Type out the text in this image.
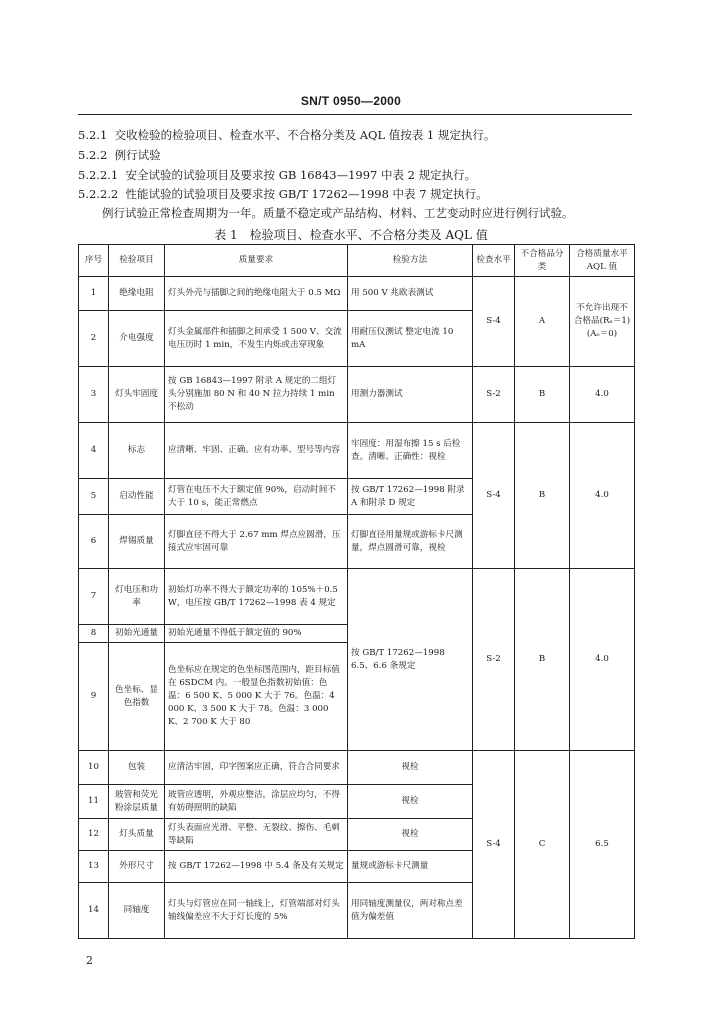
SN/T 0950—2000
5.2.1 交收检验的检验项目、检查水平、不合格分类及 AQL 值按表 1 规定执行。
5.2.2 例行试验
5.2.2.1 安全试验的试验项目及要求按 GB 16843—1997 中表 2 规定执行。
5.2.2.2 性能试验的试验项目及要求按 GB/T 17262—1998 中表 7 规定执行。
例行试验正常检查周期为一年。质量不稳定或产品结构、材料、工艺变动时应进行例行试验。
表 1　检验项目、检查水平、不合格分类及 AQL 值
序号	检验项目	质量要求	检验方法	检查水平	不合格品分类	合格质量水平 AQL 值
1	绝缘电阻	灯头外壳与插脚之间的绝缘电阻大于 0.5 MΩ	用 500 V 兆欧表测试	S-4	A	不允许出现不合格品(Rₑ＝1)(Aₒ＝0)
2	介电强度	灯头金属部件和插脚之间承受 1 500 V、交流电压历时 1 min，不发生内烁或击穿现象	用耐压仪测试 整定电流 10 mA			
3	灯头牢固度	按 GB 16843—1997 附录 A 规定的二组灯头分别施加 80 N 和 40 N 拉力持续 1 min 不松动	用测力器测试	S-2	B	4.0
4	标志	应清晰、牢固、正确。应有功率、型号等内容	牢固度：用湿布擦 15 s 后检查。清晰、正确性：视检	S-4	B	4.0
5	启动性能	灯管在电压不大于额定值 90%，启动时间不大于 10 s，能正常燃点	按 GB/T 17262—1998 附录 A 和附录 D 规定			
6	焊锡质量	灯脚直径不得大于 2.67 mm 焊点应圆滑，压接式应牢固可靠	灯脚直径用量规或游标卡尺测量，焊点圆滑可靠，视检			
7	灯电压和功率	初始灯功率不得大于额定功率的 105%＋0.5 W，电压按 GB/T 17262—1998 表 4 规定	按 GB/T 17262—1998 6.5、6.6 条规定	S-2	B	4.0
8	初始光通量	初始光通量不得低于额定值的 90%				
9	色坐标、显色指数	色坐标应在规定的色坐标图范围内，距目标值在 6SDCM 内。一般显色指数初始值：色温：6 500 K、5 000 K 大于 76。色温：4 000 K、3 500 K 大于 78。色温：3 000 K、2 700 K 大于 80				
10	包装	应清洁牢固，印字图案应正确，符合合同要求	视检	S-4	C	6.5
11	玻管和荧光粉涂层质量	玻管应透明，外观应整洁，涂层应均匀，不得有妨碍照明的缺陷	视检			
12	灯头质量	灯头表面应光滑、平整、无裂纹、擦伤、毛刺等缺陷	视检			
13	外形尺寸	按 GB/T 17262—1998 中 5.4 条及有关规定	量规或游标卡尺测量			
14	同轴度	灯头与灯管应在同一轴线上，灯管端部对灯头轴线偏差应不大于灯长度的 5%	用同轴度测量仪，两对称点差值为偏差值			
2
